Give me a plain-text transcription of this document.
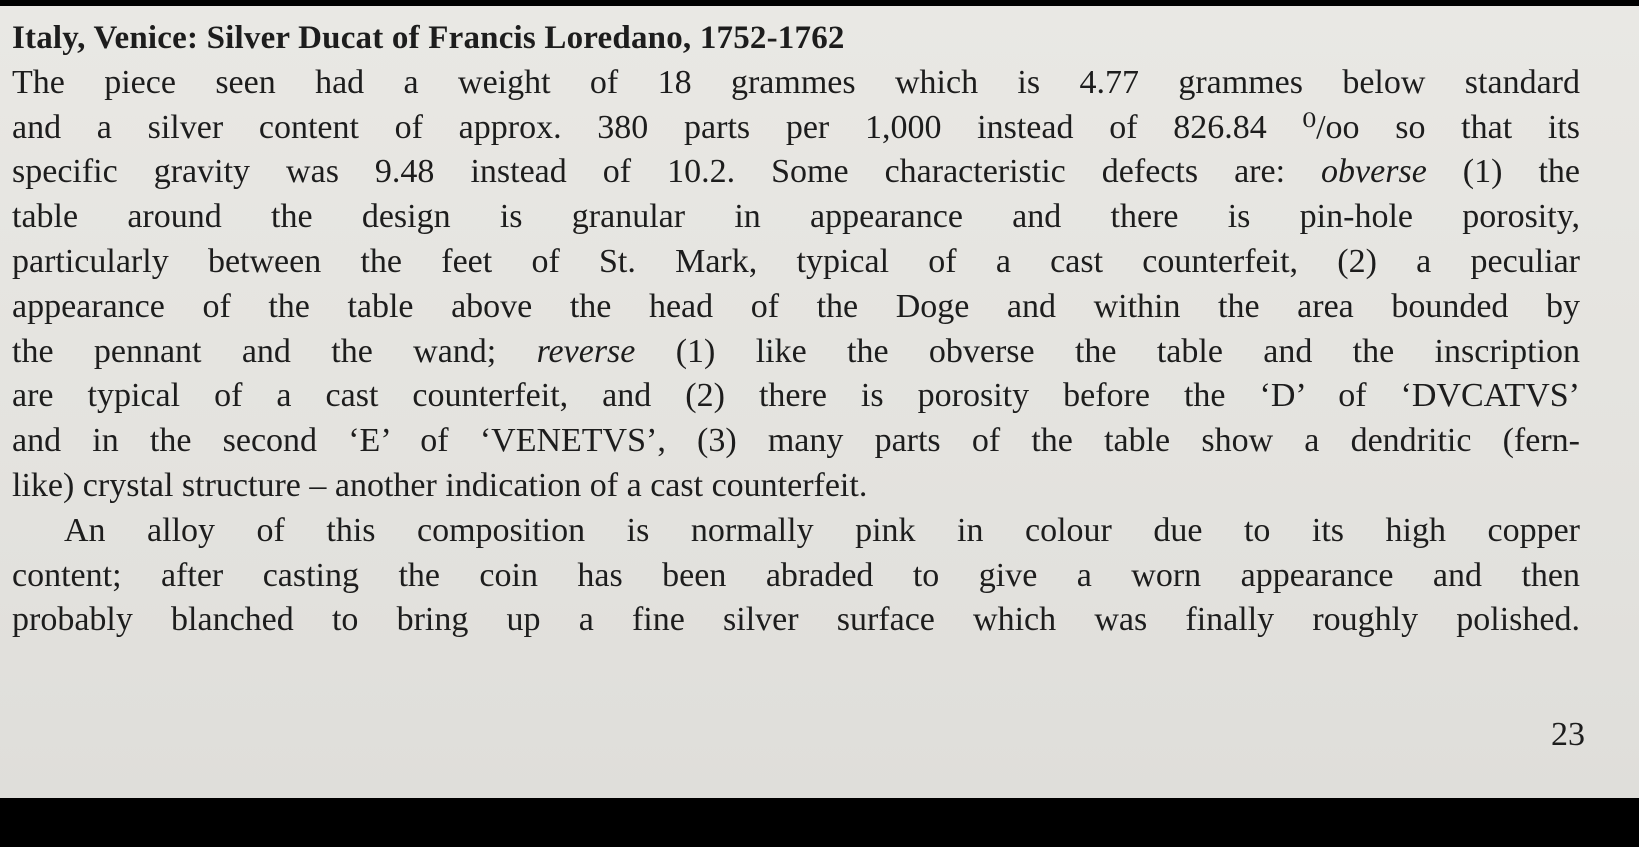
Italy, Venice: Silver Ducat of Francis Loredano, 1752-1762

The piece seen had a weight of 18 grammes which is 4.77 grammes below standard
and a silver content of approx. 380 parts per 1,000 instead of 826.84 ⁰/oo so that its
specific gravity was 9.48 instead of 10.2. Some characteristic defects are: obverse (1) the
table around the design is granular in appearance and there is pin-hole porosity,
particularly between the feet of St. Mark, typical of a cast counterfeit, (2) a peculiar
appearance of the table above the head of the Doge and within the area bounded by
the pennant and the wand; reverse (1) like the obverse the table and the inscription
are typical of a cast counterfeit, and (2) there is porosity before the ‘D’ of ‘DVCATVS’
and in the second ‘E’ of ‘VENETVS’, (3) many parts of the table show a dendritic (fern-
like) crystal structure – another indication of a cast counterfeit.

An alloy of this composition is normally pink in colour due to its high copper
content; after casting the coin has been abraded to give a worn appearance and then
probably blanched to bring up a fine silver surface which was finally roughly polished.

23
